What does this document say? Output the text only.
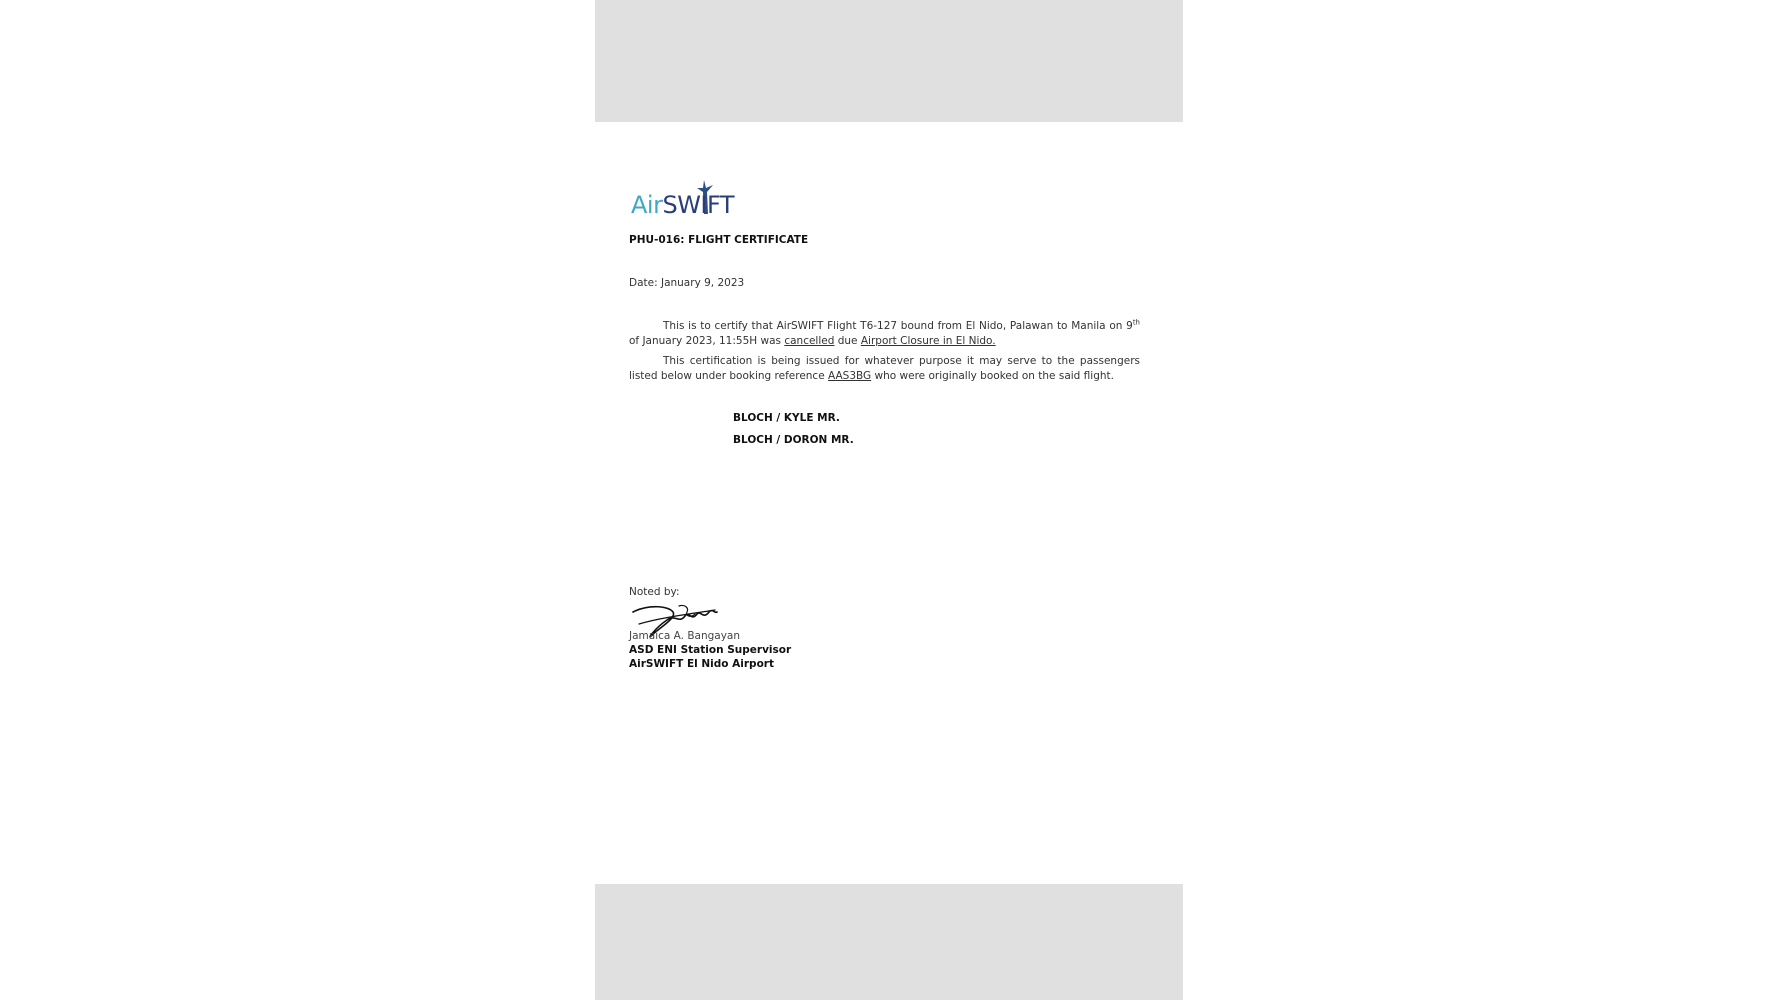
AirSWIFT
PHU-016: FLIGHT CERTIFICATE
Date: January 9, 2023
This is to certify that AirSWIFT Flight T6-127 bound from El Nido, Palawan to Manila on 9th of January 2023, 11:55H was cancelled due Airport Closure in El Nido.
This certification is being issued for whatever purpose it may serve to the passengers listed below under booking reference AAS3BG who were originally booked on the said flight.
BLOCH / KYLE MR.
BLOCH / DORON MR.
Noted by:
Jamaica A. Bangayan
ASD ENI Station Supervisor
AirSWIFT El Nido Airport
